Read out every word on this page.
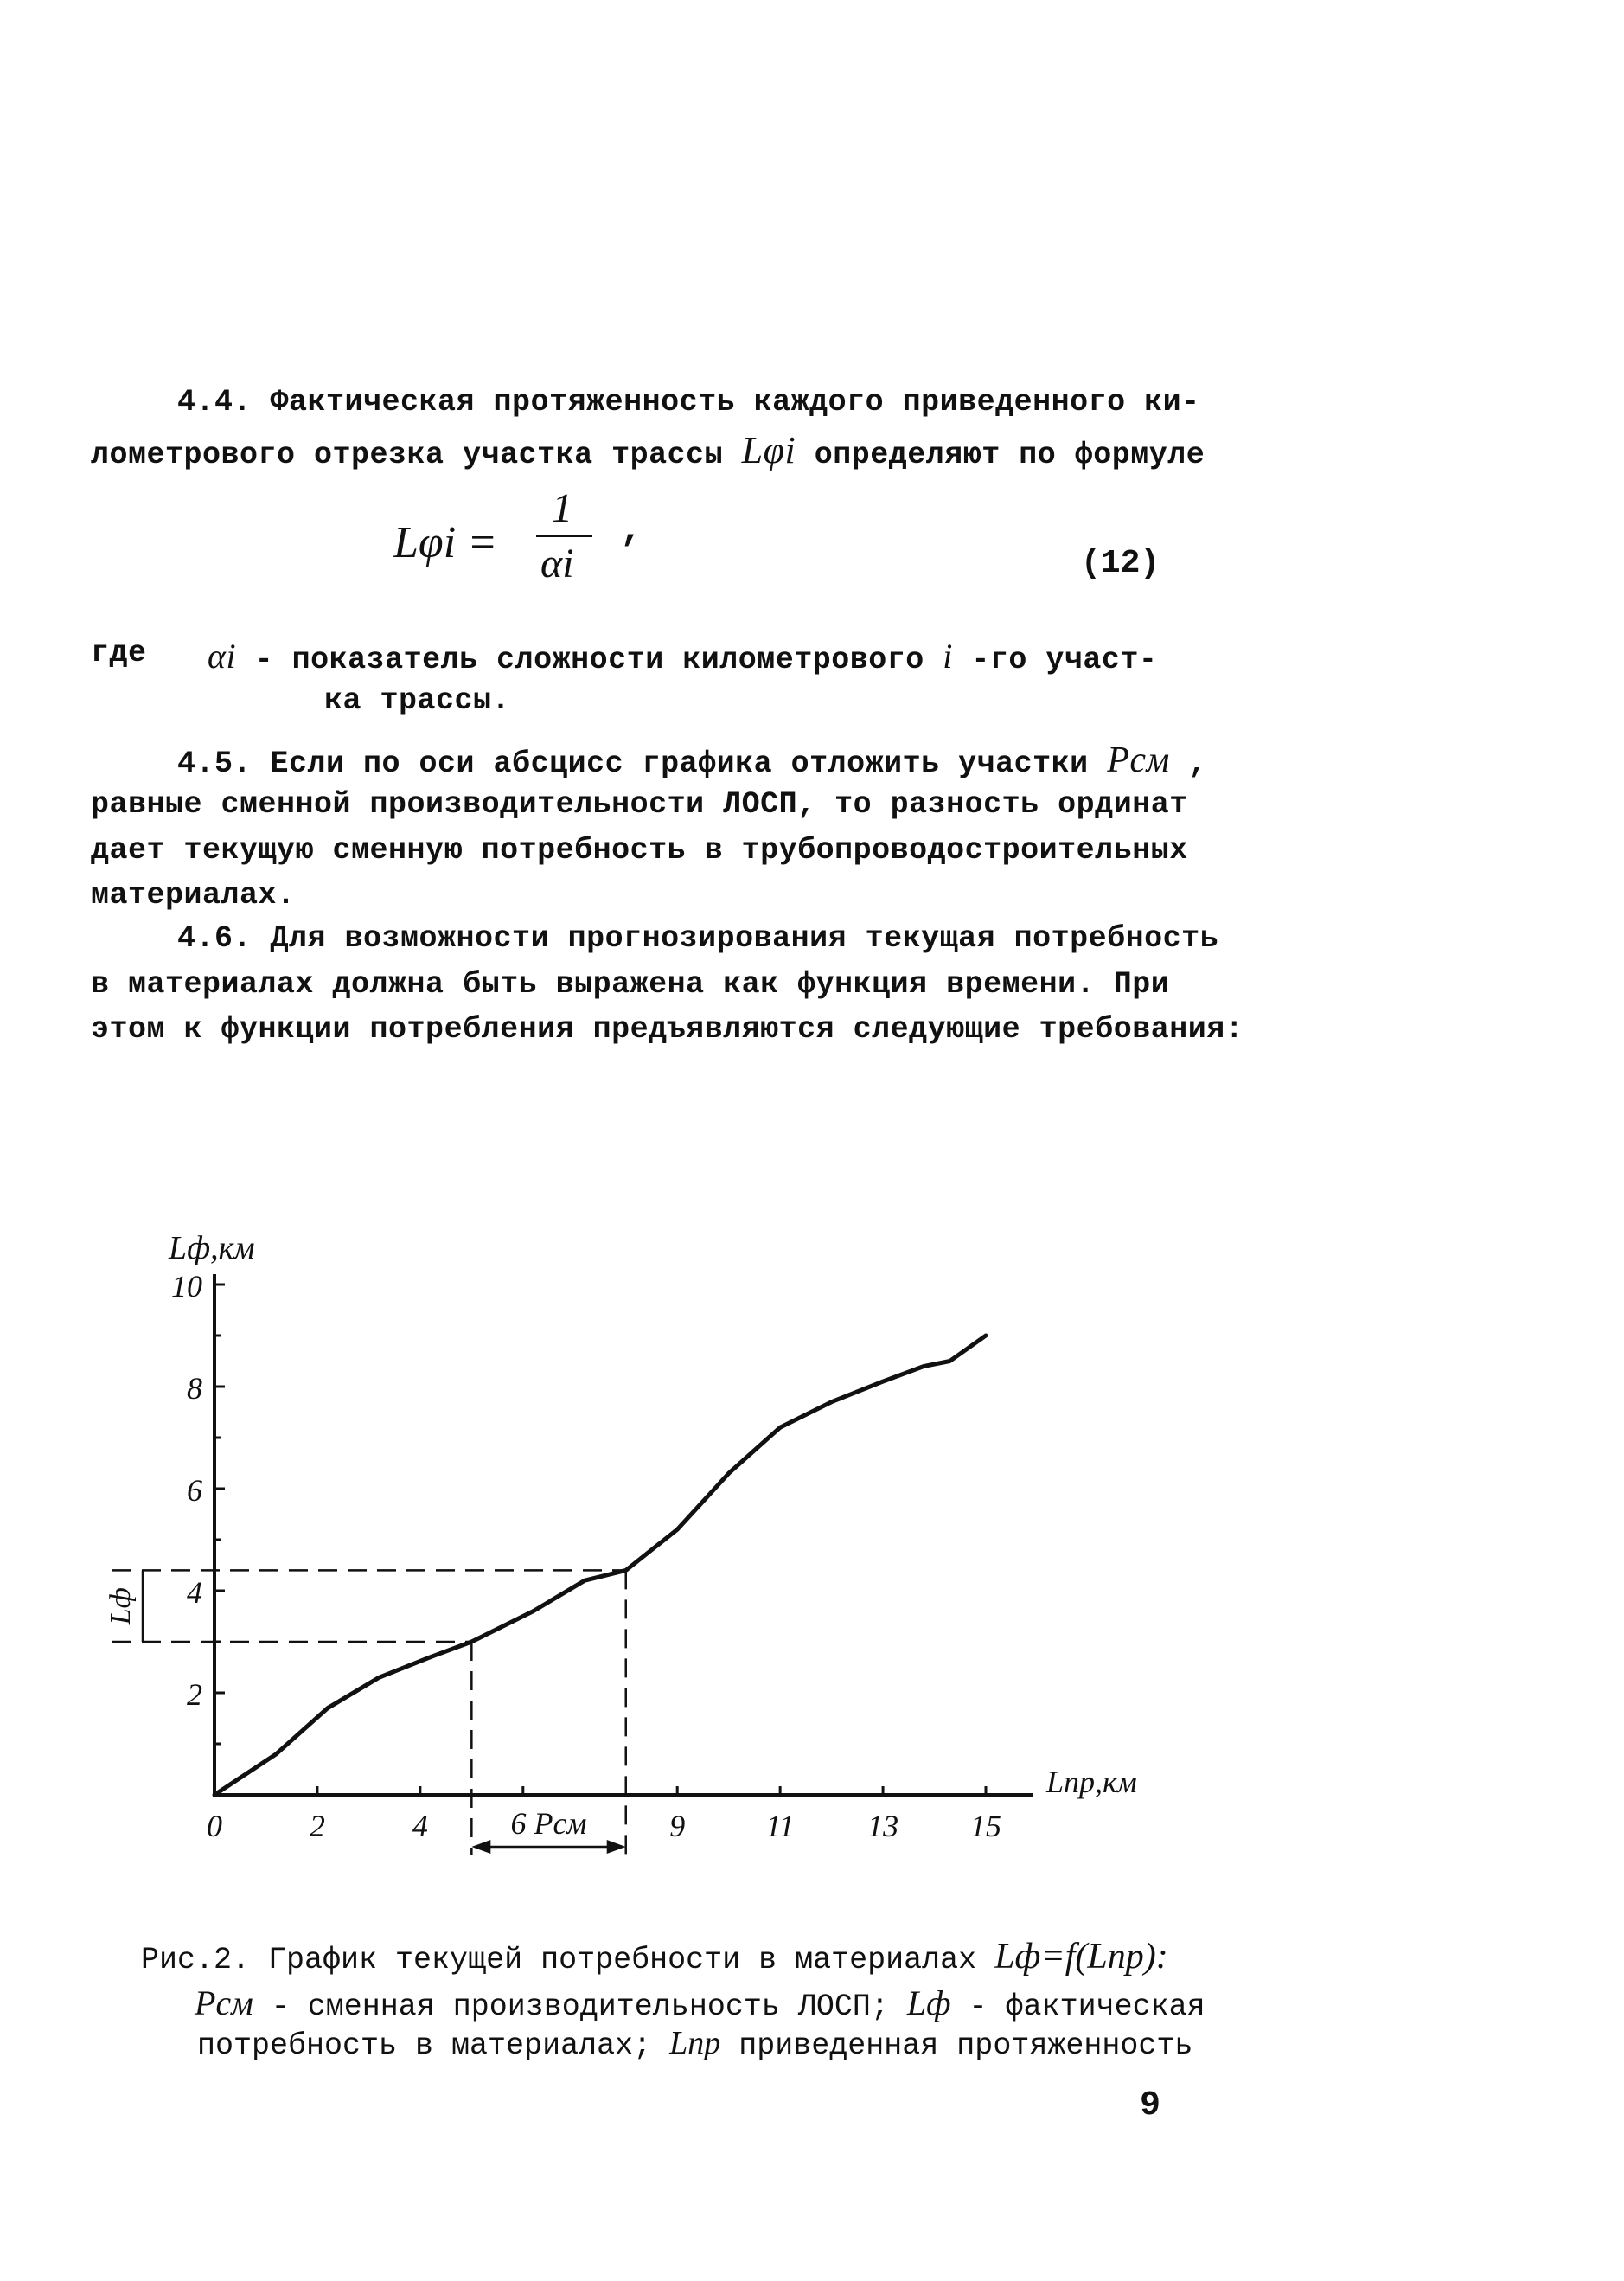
4.4. Фактическая протяженность каждого приведенного ки-
лометрового отрезка участка трассы Lφi определяют по формуле
Lφi =
1
αi
,
(12)
где αi - показатель сложности километрового i -го участ-
ка трассы.
4.5. Если по оси абсцисс графика отложить участки Pсм ,
равные сменной производительности ЛОСП, то разность ординат
дает текущую сменную потребность в трубопроводостроительных
материалах.
4.6. Для возможности прогнозирования текущая потребность
в материалах должна быть выражена как функция времени. При
этом к функции потребления предъявляются следующие требования:
10
8
6
4
2
0	2	4	9	11 13 15
Lф
6 Pсм
Lф,км
Lпр,км
Рис.2. График текущей потребности в материалах Lф=f(Lпр):
Pсм - сменная производительность ЛОСП; Lф - фактическая
потребность в материалах; Lпр приведенная протяженность
9
